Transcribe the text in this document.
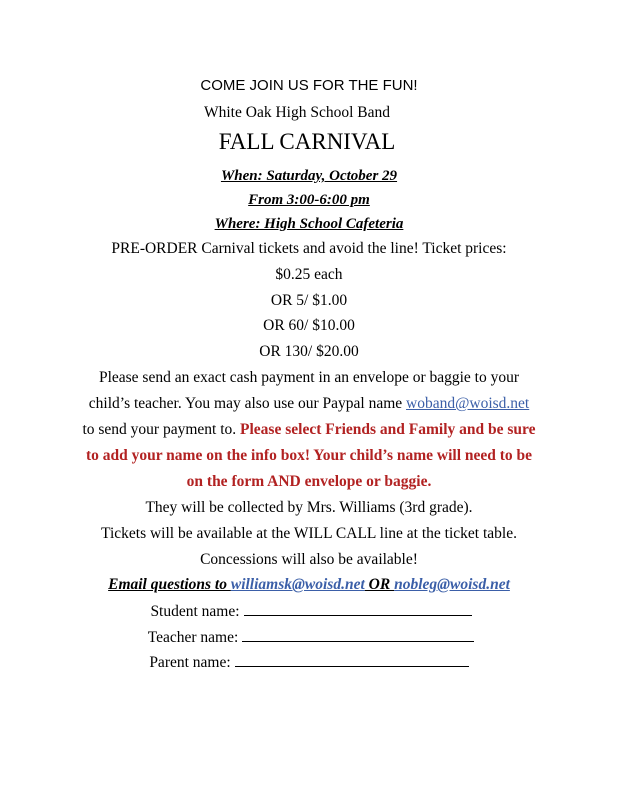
COME JOIN US FOR THE FUN!
White Oak High School Band
FALL CARNIVAL
When: Saturday, October 29
From 3:00-6:00 pm
Where: High School Cafeteria
PRE-ORDER Carnival tickets and avoid the line! Ticket prices:
$0.25 each
OR 5/ $1.00
OR 60/ $10.00
OR 130/ $20.00
Please send an exact cash payment in an envelope or baggie to your
child’s teacher. You may also use our Paypal name woband@woisd.net
to send your payment to. Please select Friends and Family and be sure
to add your name on the info box! Your child’s name will need to be
on the form AND envelope or baggie.
They will be collected by Mrs. Williams (3rd grade).
Tickets will be available at the WILL CALL line at the ticket table.
Concessions will also be available!
Email questions to williamsk@woisd.net OR nobleg@woisd.net
Student name:
Teacher name:
Parent name:
